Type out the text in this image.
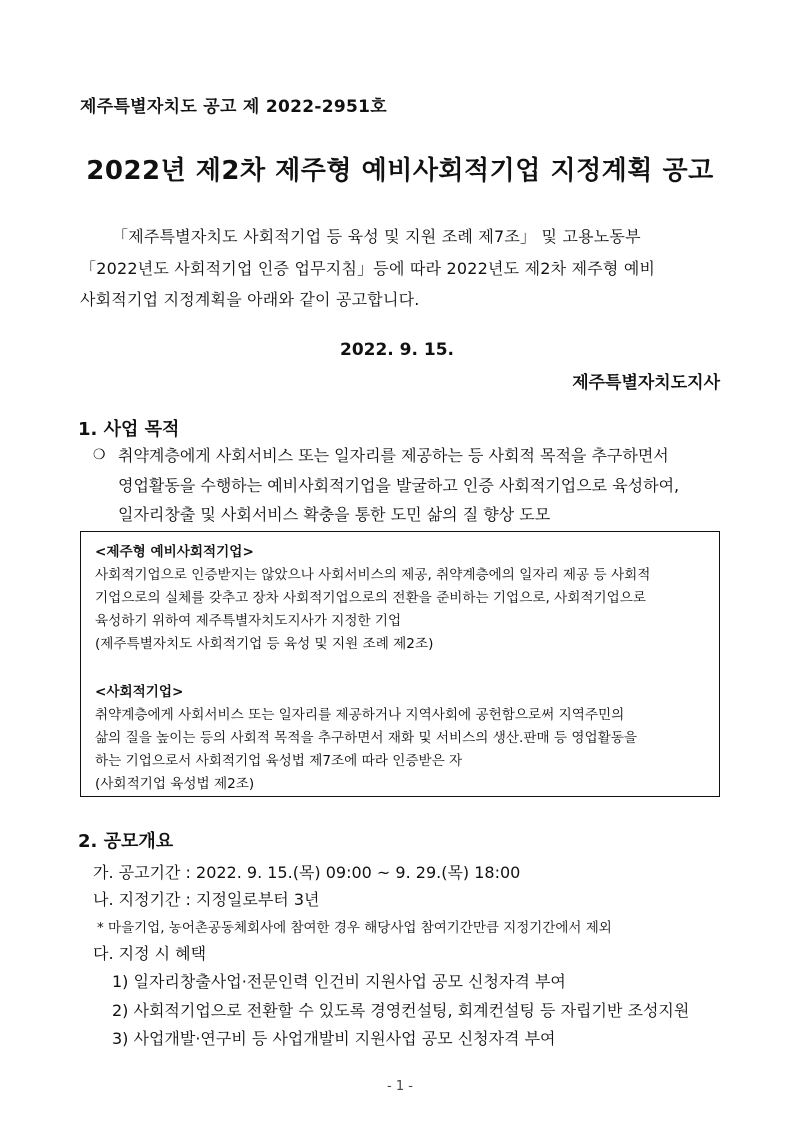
제주특별자치도 공고 제 2022-2951호
2022년 제2차 제주형 예비사회적기업 지정계획 공고
「제주특별자치도 사회적기업 등 육성 및 지원 조례 제7조」 및 고용노동부
「2022년도 사회적기업 인증 업무지침」등에 따라 2022년도 제2차 제주형 예비
사회적기업 지정계획을 아래와 같이 공고합니다.
2022. 9. 15.
제주특별자치도지사
1. 사업 목적
❍ 취약계층에게 사회서비스 또는 일자리를 제공하는 등 사회적 목적을 추구하면서
영업활동을 수행하는 예비사회적기업을 발굴하고 인증 사회적기업으로 육성하여,
일자리창출 및 사회서비스 확충을 통한 도민 삶의 질 향상 도모
<제주형 예비사회적기업>
사회적기업으로 인증받지는 않았으나 사회서비스의 제공, 취약계층에의 일자리 제공 등 사회적
기업으로의 실체를 갖추고 장차 사회적기업으로의 전환을 준비하는 기업으로, 사회적기업으로
육성하기 위하여 제주특별자치도지사가 지정한 기업
(제주특별자치도 사회적기업 등 육성 및 지원 조례 제2조)
<사회적기업>
취약계층에게 사회서비스 또는 일자리를 제공하거나 지역사회에 공헌함으로써 지역주민의
삶의 질을 높이는 등의 사회적 목적을 추구하면서 재화 및 서비스의 생산.판매 등 영업활동을
하는 기업으로서 사회적기업 육성법 제7조에 따라 인증받은 자
(사회적기업 육성법 제2조)
2. 공모개요
가. 공고기간 : 2022. 9. 15.(목) 09:00 ~ 9. 29.(목) 18:00
나. 지정기간 : 지정일로부터 3년
* 마을기업, 농어촌공동체회사에 참여한 경우 해당사업 참여기간만큼 지정기간에서 제외
다. 지정 시 혜택
1) 일자리창출사업·전문인력 인건비 지원사업 공모 신청자격 부여
2) 사회적기업으로 전환할 수 있도록 경영컨설팅, 회계컨설팅 등 자립기반 조성지원
3) 사업개발·연구비 등 사업개발비 지원사업 공모 신청자격 부여
- 1 -
